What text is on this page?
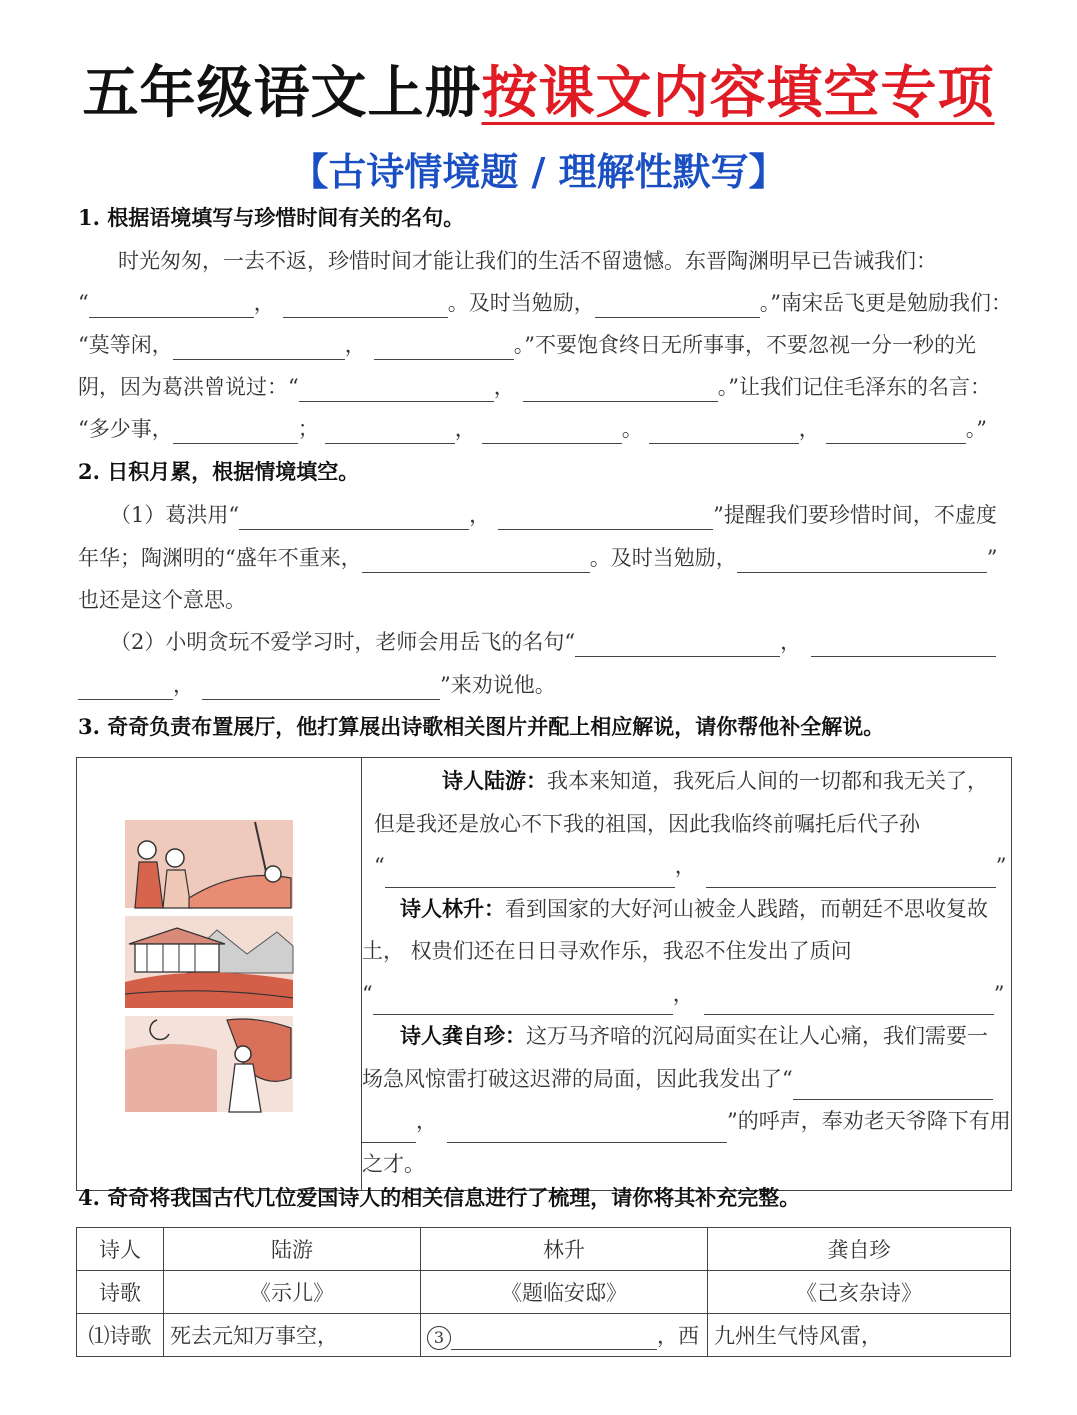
五年级语文上册按课文内容填空专项
【古诗情境题 / 理解性默写】
1. 根据语境填写与珍惜时间有关的名句。
时光匆匆，一去不返，珍惜时间才能让我们的生活不留遗憾。东晋陶渊明早已告诫我们：
“	，	。及时当勉励，	。”南宋岳飞更是勉励我们：
“莫等闲，	，	。”不要饱食终日无所事事，不要忽视一分一秒的光
阴，因为葛洪曾说过：“	，	。”让我们记住毛泽东的名言：
“多少事，	；	，	。	，	。”
2. 日积月累，根据情境填空。
（1）葛洪用“	，	”提醒我们要珍惜时间，不虚度
年华；陶渊明的“盛年不重来，	。及时当勉励，	”
也还是这个意思。
（2）小明贪玩不爱学习时，老师会用岳飞的名句“	，
，	”来劝说他。
3. 奇奇负责布置展厅，他打算展出诗歌相关图片并配上相应解说，请你帮他补全解说。

诗人陆游：我本来知道，我死后人间的一切都和我无关了，
但是我还是放心不下我的祖国，因此我临终前嘱托后代子孙
“	，	”
诗人林升：看到国家的大好河山被金人践踏，而朝廷不思收复故
土， 权贵们还在日日寻欢作乐，我忍不住发出了质问
“	，	”
诗人龚自珍：这万马齐喑的沉闷局面实在让人心痛，我们需要一
场急风惊雷打破这迟滞的局面，因此我发出了“
，	”的呼声，奉劝老天爷降下有用
之才。
4. 奇奇将我国古代几位爱国诗人的相关信息进行了梳理，请你将其补充完整。
诗人	陆游	林升	龚自珍
诗歌	《示儿》	《题临安邸》	《己亥杂诗》
⑴诗歌	死去元知万事空，	3 ，西	九州生气恃风雷，
